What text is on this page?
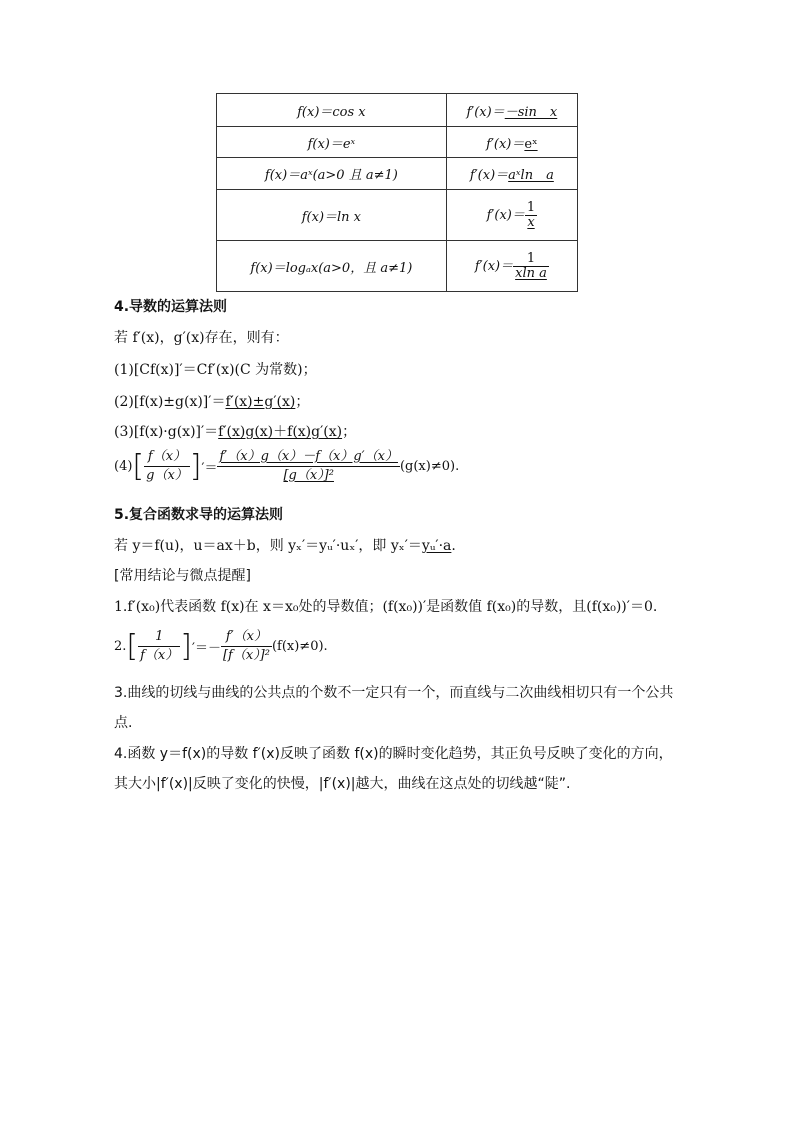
f(x)＝cos x	f′(x)＝－sin　x
f(x)＝eˣ	f′(x)＝eˣ
f(x)＝aˣ(a>0 且 a≠1)	f′(x)＝aˣln　a
f(x)＝ln x	$f'(x)= \frac{1}{x}$

f(x)＝logₐx(a>0，且 a≠1)	$f'(x)= \frac{1}{\text{xln a}}$
4.导数的运算法则
若 f′(x)，g′(x)存在，则有：
(1)[Cf(x)]′＝Cf′(x)(C 为常数)；
(2)[f(x)±g(x)]′＝f′(x)±g′(x)；
(3)[f(x)·g(x)]′＝f′(x)g(x)＋f(x)g′(x)；
(4) [ $\frac{f(x)}{g(x)}$ ] ′＝ $\frac{f'(x)g(x)-f(x)g'(x)}{\text{[g（x）]²}} (g(x)\ne 0)$.
5.复合函数求导的运算法则
若 y＝f(u)，u＝ax＋b，则 yₓ′＝yᵤ′·uₓ′，即 yₓ′＝yᵤ′·a.
[常用结论与微点提醒]
1.f′(x₀)代表函数 f(x)在 x＝x₀处的导数值；(f(x₀))′是函数值 f(x₀)的导数，且(f(x₀))′＝0.
2. [ $\frac{1}{f(x)}$ ] ′＝－ $\frac{f'(x)}{\text{[f（x）]²}} (f(x)\ne 0)$.
3.曲线的切线与曲线的公共点的个数不一定只有一个，而直线与二次曲线相切只有一个公共点.
4.函数 y＝f(x)的导数 f′(x)反映了函数 f(x)的瞬时变化趋势，其正负号反映了变化的方向，其大小|f′(x)|反映了变化的快慢，|f′(x)|越大，曲线在这点处的切线越“陡”.
